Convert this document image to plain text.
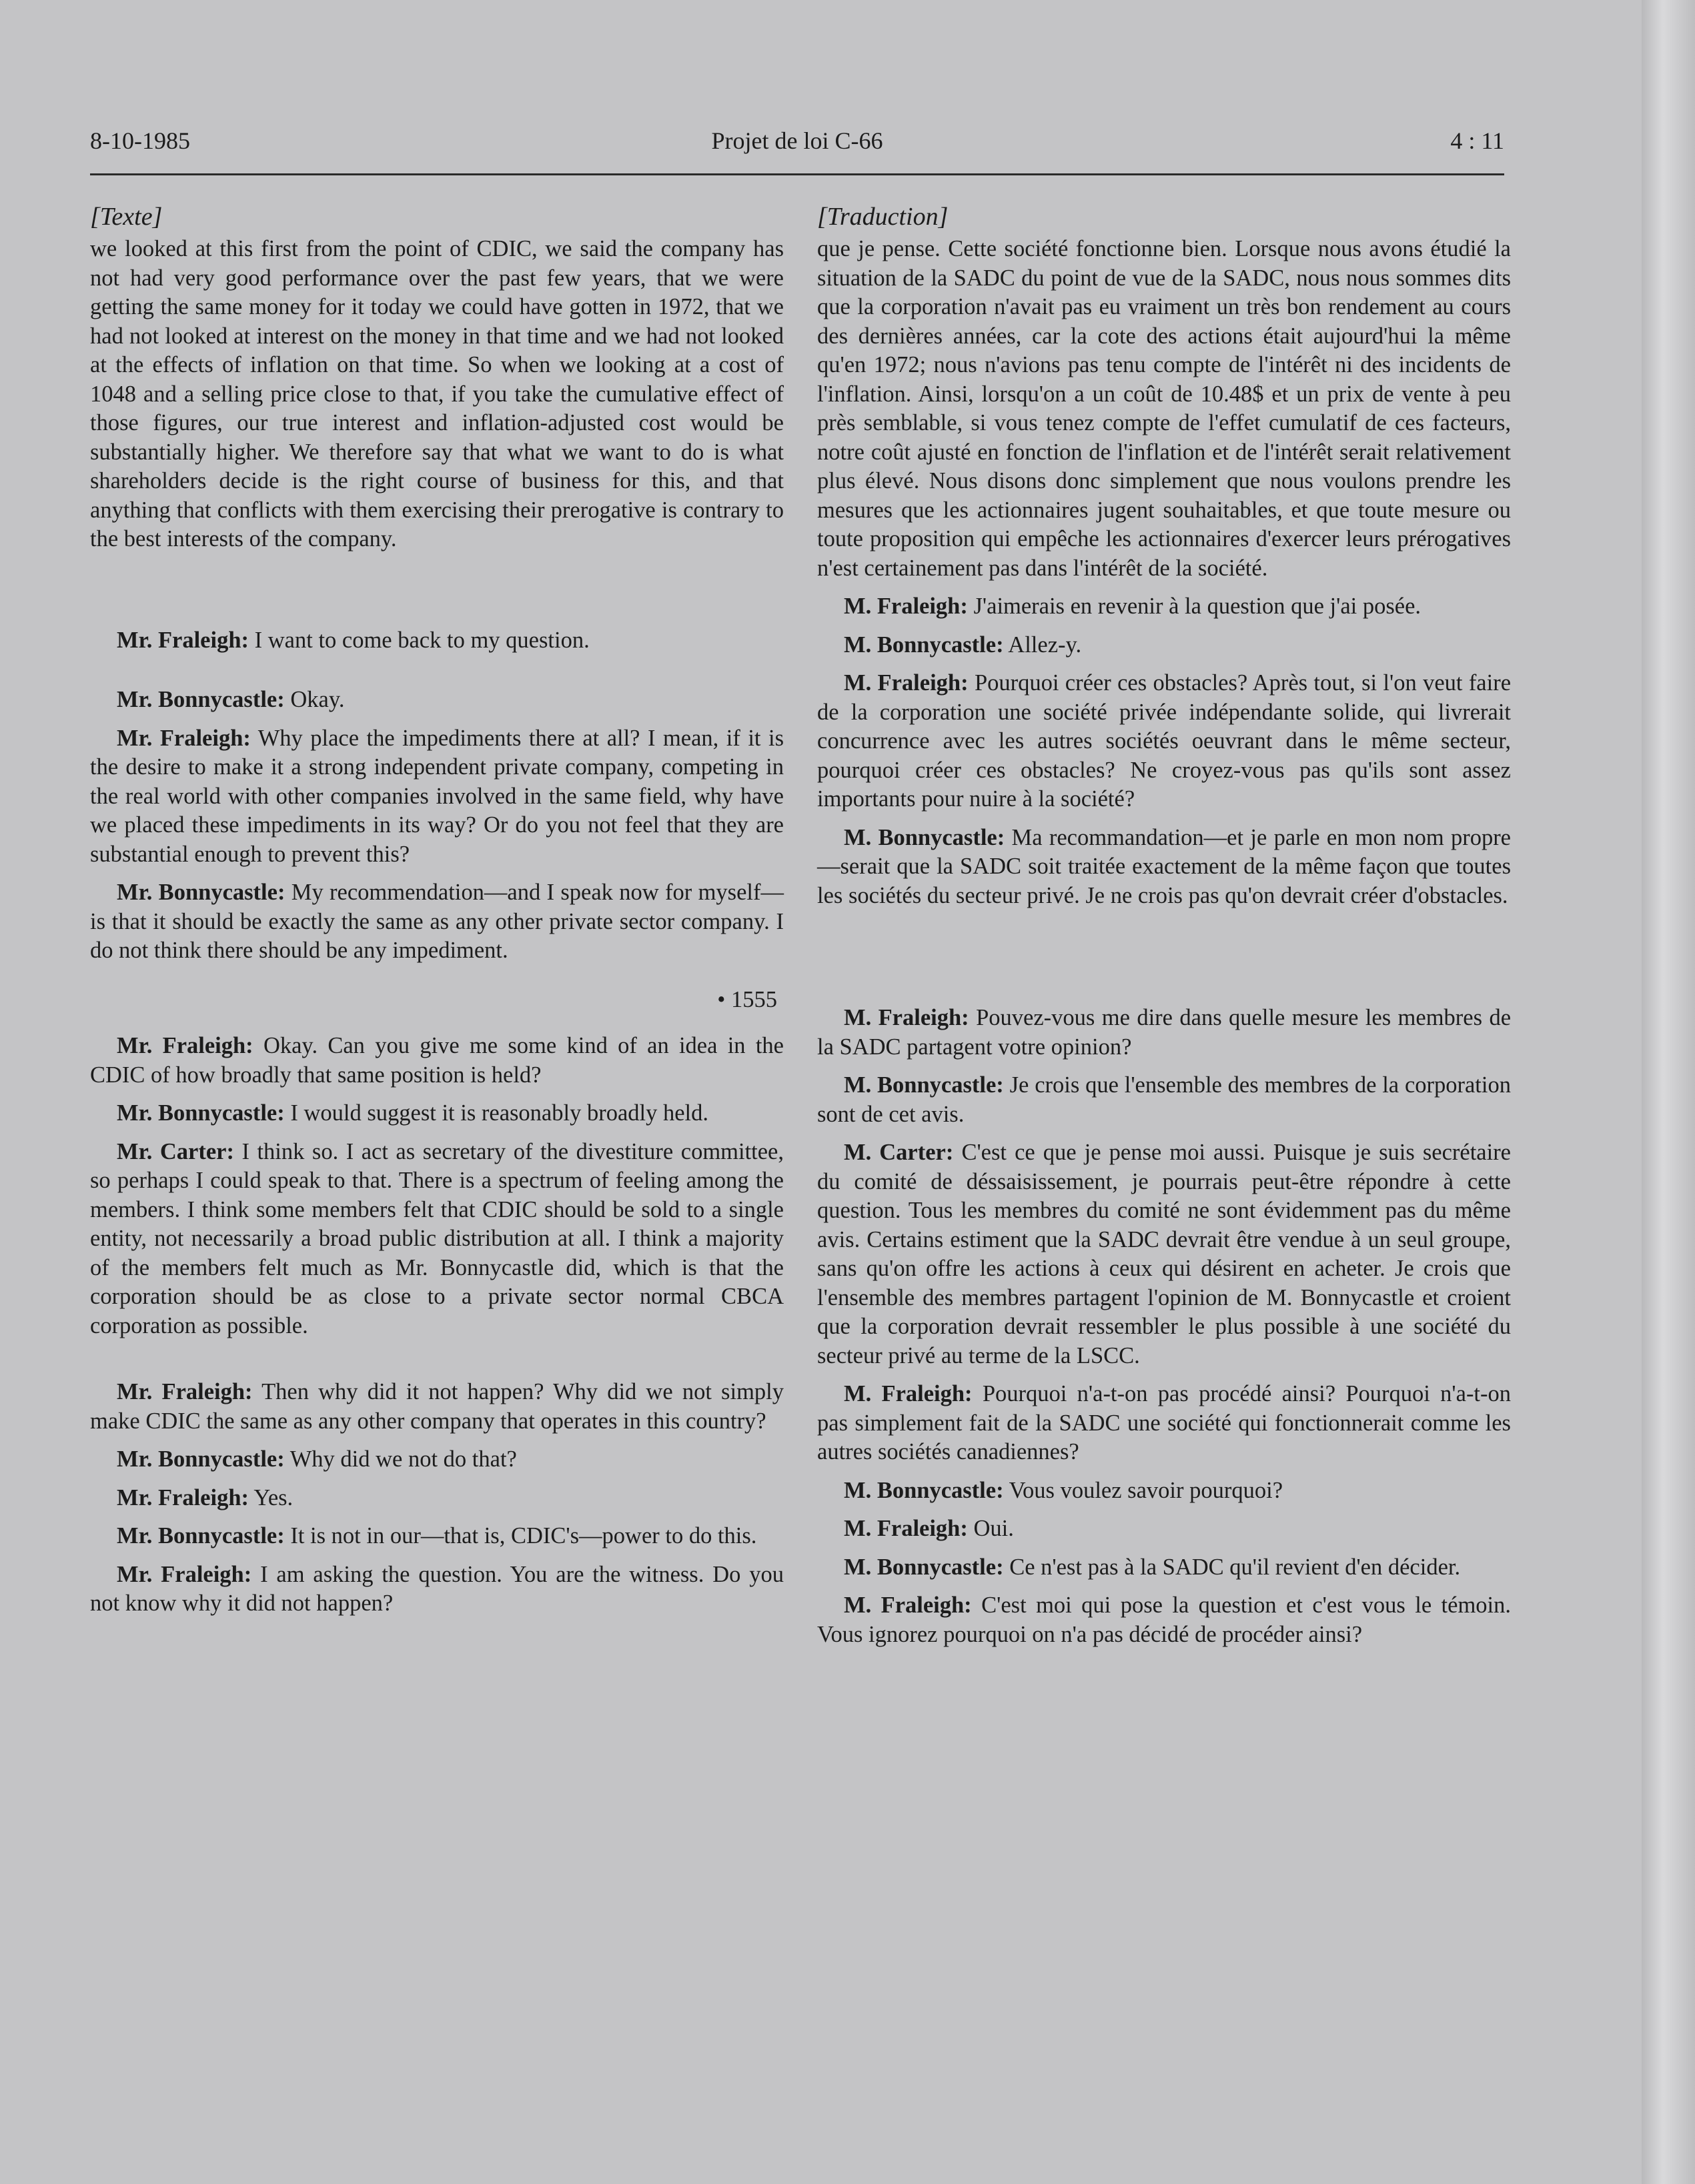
8-10-1985	Projet de loi C-66	4 : 11
[Texte]

we looked at this first from the point of CDIC, we said the company has not had very good performance over the past few years, that we were getting the same money for it today we could have gotten in 1972, that we had not looked at interest on the money in that time and we had not looked at the effects of inflation on that time. So when we looking at a cost of 1048 and a selling price close to that, if you take the cumulative effect of those figures, our true interest and inflation-adjusted cost would be substantially higher. We therefore say that what we want to do is what shareholders decide is the right course of business for this, and that anything that conflicts with them exercising their prerogative is contrary to the best interests of the company.

Mr. Fraleigh: I want to come back to my question.

Mr. Bonnycastle: Okay.

Mr. Fraleigh: Why place the impediments there at all? I mean, if it is the desire to make it a strong independent private company, competing in the real world with other companies involved in the same field, why have we placed these impediments in its way? Or do you not feel that they are substantial enough to prevent this?

Mr. Bonnycastle: My recommendation—and I speak now for myself—is that it should be exactly the same as any other private sector company. I do not think there should be any impediment.

• 1555

Mr. Fraleigh: Okay. Can you give me some kind of an idea in the CDIC of how broadly that same position is held?

Mr. Bonnycastle: I would suggest it is reasonably broadly held.

Mr. Carter: I think so. I act as secretary of the divestiture committee, so perhaps I could speak to that. There is a spectrum of feeling among the members. I think some members felt that CDIC should be sold to a single entity, not necessarily a broad public distribution at all. I think a majority of the members felt much as Mr. Bonnycastle did, which is that the corporation should be as close to a private sector normal CBCA corporation as possible.

Mr. Fraleigh: Then why did it not happen? Why did we not simply make CDIC the same as any other company that operates in this country?

Mr. Bonnycastle: Why did we not do that?

Mr. Fraleigh: Yes.

Mr. Bonnycastle: It is not in our—that is, CDIC's—power to do this.

Mr. Fraleigh: I am asking the question. You are the witness. Do you not know why it did not happen?

[Traduction]

que je pense. Cette société fonctionne bien. Lorsque nous avons étudié la situation de la SADC du point de vue de la SADC, nous nous sommes dits que la corporation n'avait pas eu vraiment un très bon rendement au cours des dernières années, car la cote des actions était aujourd'hui la même qu'en 1972; nous n'avions pas tenu compte de l'intérêt ni des incidents de l'inflation. Ainsi, lorsqu'on a un coût de 10.48$ et un prix de vente à peu près semblable, si vous tenez compte de l'effet cumulatif de ces facteurs, notre coût ajusté en fonction de l'inflation et de l'intérêt serait relativement plus élevé. Nous disons donc simplement que nous voulons prendre les mesures que les actionnaires jugent souhaitables, et que toute mesure ou toute proposition qui empêche les actionnaires d'exercer leurs prérogatives n'est certainement pas dans l'intérêt de la société.

M. Fraleigh: J'aimerais en revenir à la question que j'ai posée.

M. Bonnycastle: Allez-y.

M. Fraleigh: Pourquoi créer ces obstacles? Après tout, si l'on veut faire de la corporation une société privée indépendante solide, qui livrerait concurrence avec les autres sociétés oeuvrant dans le même secteur, pourquoi créer ces obstacles? Ne croyez-vous pas qu'ils sont assez importants pour nuire à la société?

M. Bonnycastle: Ma recommandation—et je parle en mon nom propre—serait que la SADC soit traitée exactement de la même façon que toutes les sociétés du secteur privé. Je ne crois pas qu'on devrait créer d'obstacles.

M. Fraleigh: Pouvez-vous me dire dans quelle mesure les membres de la SADC partagent votre opinion?

M. Bonnycastle: Je crois que l'ensemble des membres de la corporation sont de cet avis.

M. Carter: C'est ce que je pense moi aussi. Puisque je suis secrétaire du comité de déssaisissement, je pourrais peut-être répondre à cette question. Tous les membres du comité ne sont évidemment pas du même avis. Certains estiment que la SADC devrait être vendue à un seul groupe, sans qu'on offre les actions à ceux qui désirent en acheter. Je crois que l'ensemble des membres partagent l'opinion de M. Bonnycastle et croient que la corporation devrait ressembler le plus possible à une société du secteur privé au terme de la LSCC.

M. Fraleigh: Pourquoi n'a-t-on pas procédé ainsi? Pourquoi n'a-t-on pas simplement fait de la SADC une société qui fonctionnerait comme les autres sociétés canadiennes?

M. Bonnycastle: Vous voulez savoir pourquoi?

M. Fraleigh: Oui.

M. Bonnycastle: Ce n'est pas à la SADC qu'il revient d'en décider.

M. Fraleigh: C'est moi qui pose la question et c'est vous le témoin. Vous ignorez pourquoi on n'a pas décidé de procéder ainsi?
